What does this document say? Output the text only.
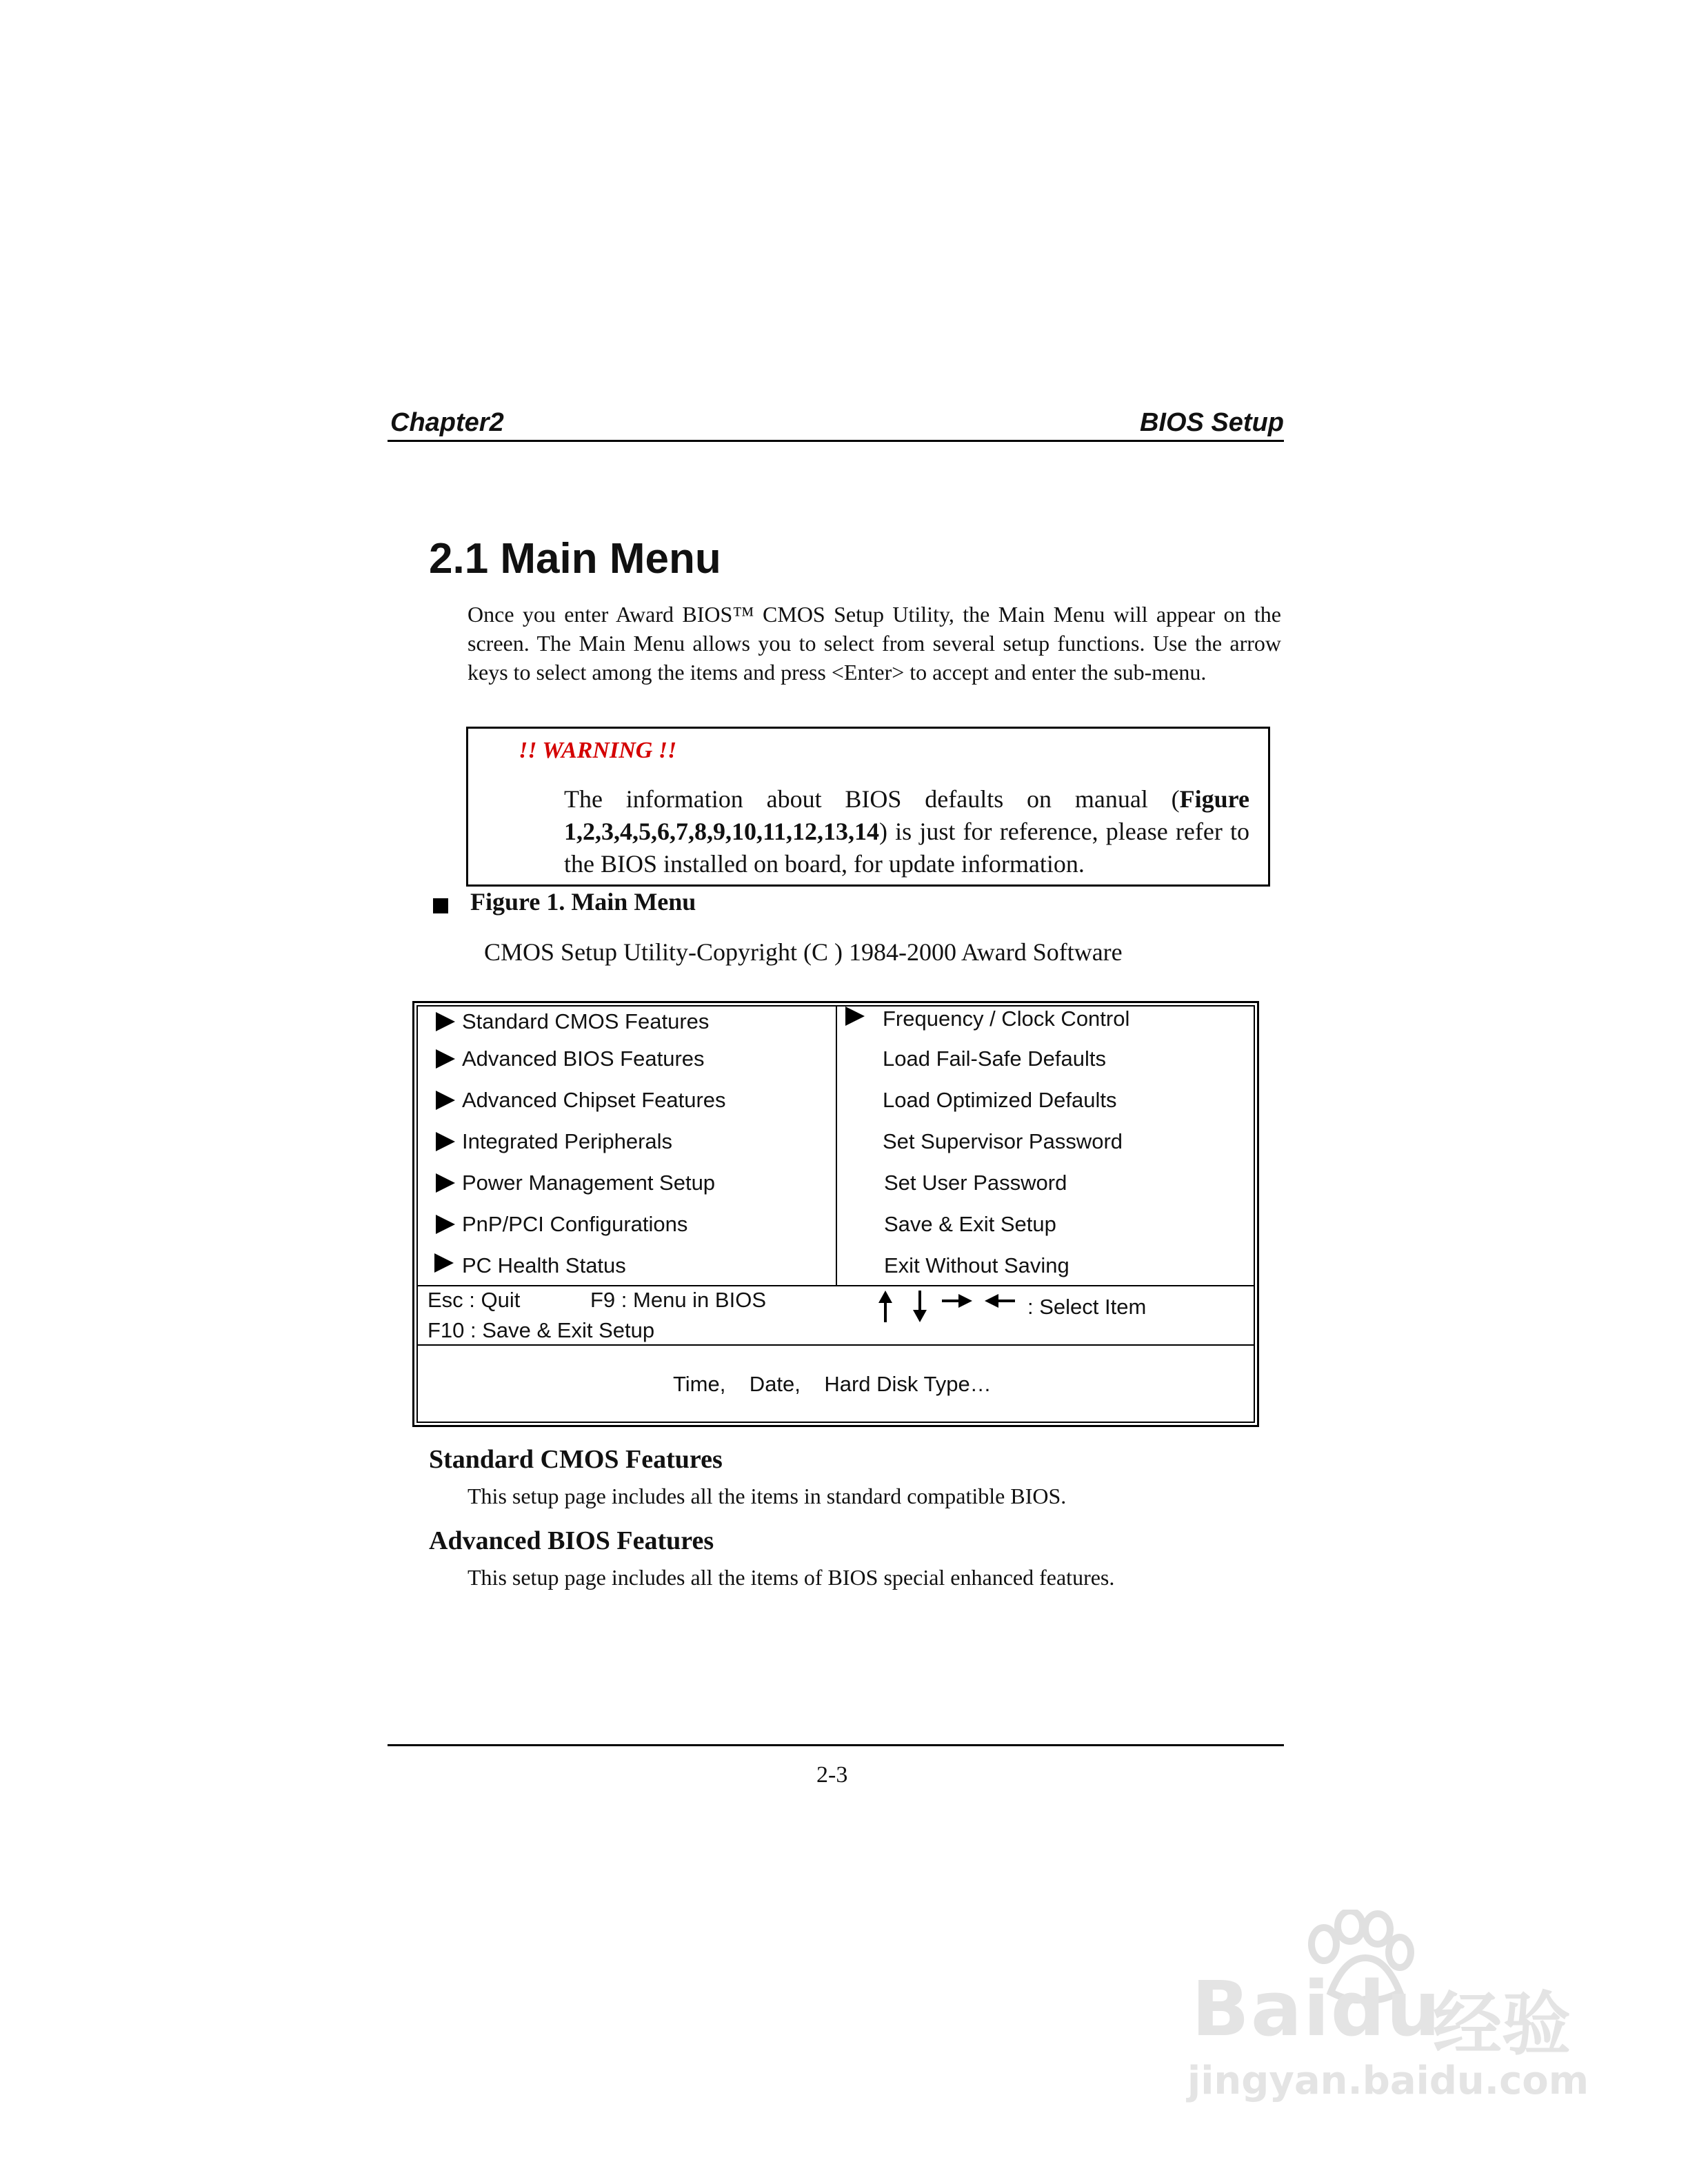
Chapter2	BIOS Setup
2.1 Main Menu
Once you enter Award BIOS™ CMOS Setup Utility, the Main Menu will appear on the screen. The Main Menu allows you to select from several setup functions. Use the arrow keys to select among the items and press <Enter> to accept and enter the sub-menu.
!! WARNING !!
The information about BIOS defaults on manual (Figure 1,2,3,4,5,6,7,8,9,10,11,12,13,14) is just for reference, please refer to the BIOS installed on board, for update information.
Figure 1. Main Menu
CMOS Setup Utility-Copyright (C ) 1984-2000 Award Software
Standard CMOS Features
Advanced BIOS Features
Advanced Chipset Features
Integrated Peripherals
Power Management Setup
PnP/PCI Configurations
PC Health Status
Frequency / Clock Control
Load Fail-Safe Defaults
Load Optimized Defaults
Set Supervisor Password
Set User Password
Save & Exit Setup
Exit Without Saving
Esc : Quit	F9 : Menu in BIOS
F10 : Save & Exit Setup
: Select Item
Time,    Date,    Hard Disk Type…
Standard CMOS Features
This setup page includes all the items in standard compatible BIOS.
Advanced BIOS Features
This setup page includes all the items of BIOS special enhanced features.
2-3
Baidu
经验
jingyan.baidu.com
